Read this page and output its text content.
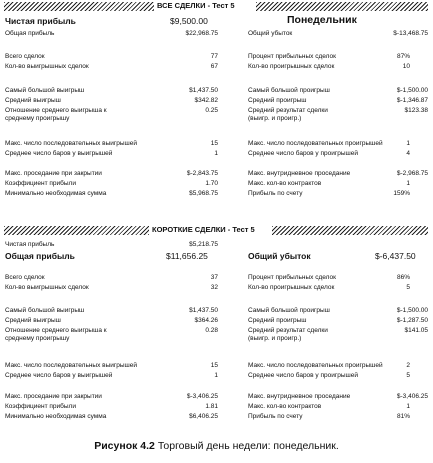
ВСЕ СДЕЛКИ - Тест 5
Чистая прибыль	$9,500.00	Понедельник
Общая прибыль	$22,968.75
Всего сделок	77
Кол-во выигрышных сделок	67
Самый большой выигрыш	$1,437.50
Средний выигрыш	$342.82
Отношение среднего выигрыша к среднему проигрышу
0.25
Макс. число последовательных выигрышей	15
Среднее число баров у выигрышей	1
Макс. проседание при закрытии	$-2,843.75
Коэффициент прибыли	1.70
Минимально необходимая сумма	$5,968.75
Общий убыток	$-13,468.75
Процент прибыльных сделок	87%
Кол-во проигрышных сделок	10
Самый большой проигрыш	$-1,500.00
Средний проигрыш	$-1,346.87
Средний результат сделки (выигр. и проигр.)
$123.38
Макс. число последовательных проигрышей	1
Среднее число баров у проигрышей	4
Макс. внутридневное проседание	$-2,968.75
Макс. кол-во контрактов	1
Прибыль по счету	159%
КОРОТКИЕ СДЕЛКИ - Тест 5
Чистая прибыль	$5,218.75
Общая прибыль	$11,656.25
Всего сделок	37
Кол-во выигрышных сделок	32
Самый большой выигрыш	$1,437.50
Средний выигрыш	$364.26
Отношение среднего выигрыша к среднему проигрышу
0.28
Макс. число последовательных выигрышей	15
Среднее число баров у выигрышей	1
Макс. проседание при закрытии	$-3,406.25
Коэффициент прибыли	1.81
Минимально необходимая сумма	$6,406.25
Общий убыток	$-6,437.50
Процент прибыльных сделок	86%
Кол-во проигрышных сделок	5
Самый большой проигрыш	$-1,500.00
Средний проигрыш	$-1,287.50
Средний результат сделки (выигр. и проигр.)
$141.05
Макс. число последовательных проигрышей	2
Среднее число баров у проигрышей	5
Макс. внутридневное проседание	$-3,406.25
Макс. кол-во контрактов	1
Прибыль по счету	81%
Рисунок 4.2 Торговый день недели: понедельник.
